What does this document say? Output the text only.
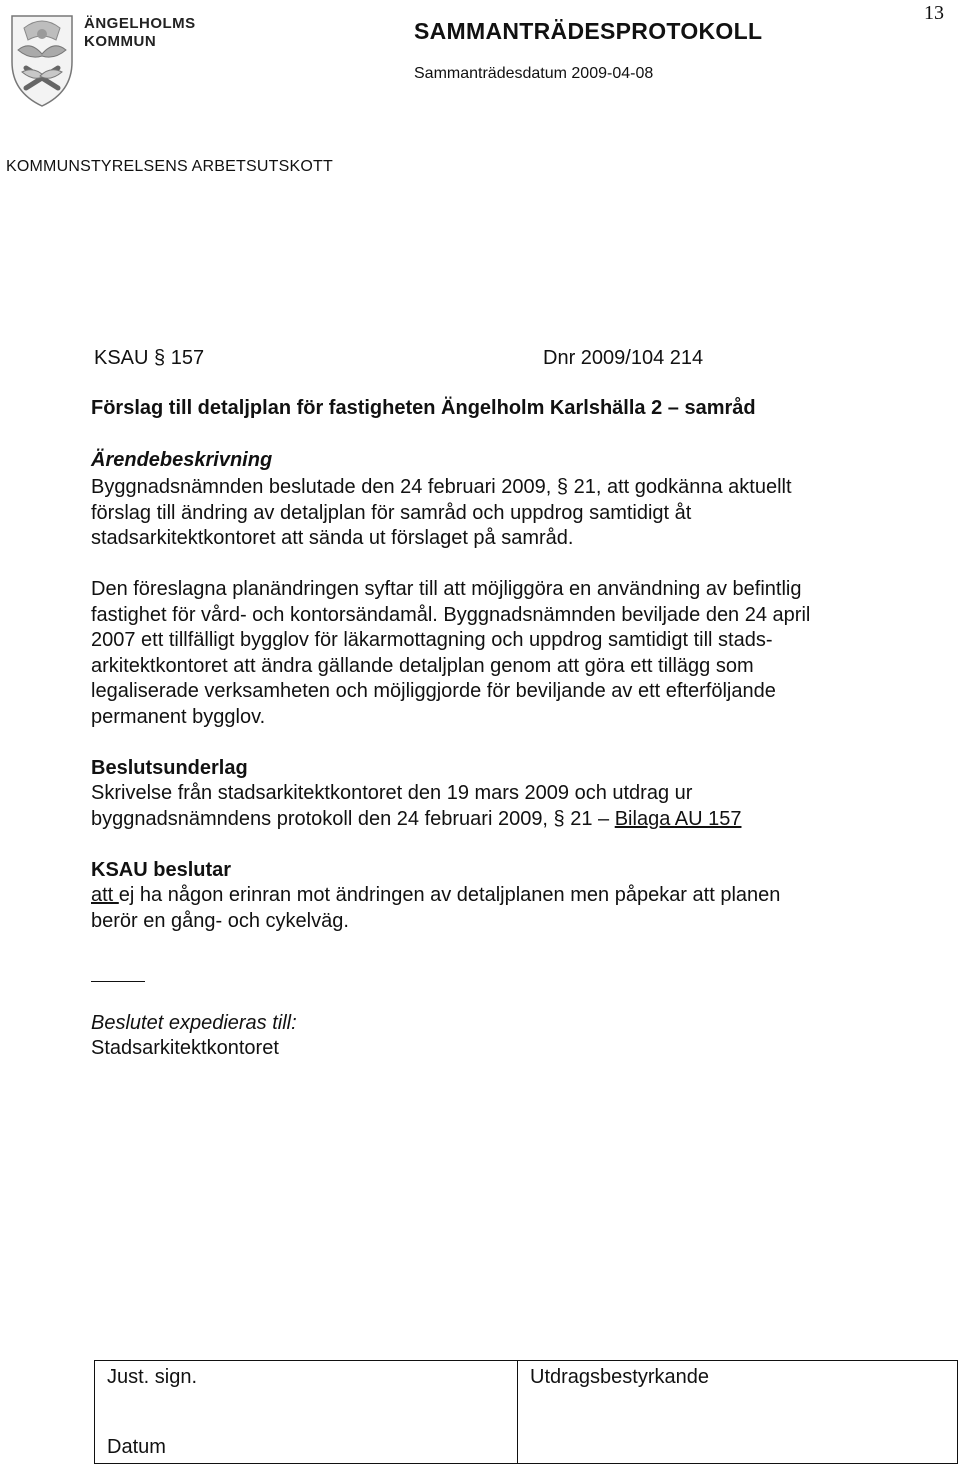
ÄNGELHOLMS
KOMMUN
13
SAMMANTRÄDESPROTOKOLL
Sammanträdesdatum 2009-04-08
KOMMUNSTYRELSENS ARBETSUTSKOTT
KSAU § 157	Dnr 2009/104 214
Förslag till detaljplan för fastigheten Ängelholm Karlshälla 2 – samråd
Ärendebeskrivning
Byggnadsnämnden beslutade den 24 februari 2009, § 21, att godkänna aktuellt
förslag till ändring av detaljplan för samråd och uppdrog samtidigt åt
stadsarkitektkontoret att sända ut förslaget på samråd.
Den föreslagna planändringen syftar till att möjliggöra en användning av befintlig
fastighet för vård- och kontorsändamål. Byggnadsnämnden beviljade den 24 april
2007 ett tillfälligt bygglov för läkarmottagning och uppdrog samtidigt till stads-
arkitektkontoret att ändra gällande detaljplan genom att göra ett tillägg som
legaliserade verksamheten och möjliggjorde för beviljande av ett efterföljande
permanent bygglov.
Beslutsunderlag
Skrivelse från stadsarkitektkontoret den 19 mars 2009 och utdrag ur
byggnadsnämndens protokoll den 24 februari 2009, § 21 – Bilaga AU 157
KSAU beslutar
att ej ha någon erinran mot ändringen av detaljplanen men påpekar att planen
berör en gång- och cykelväg.
Beslutet expedieras till:
Stadsarkitektkontoret
Just. sign.
Datum

Utdragsbestyrkande
